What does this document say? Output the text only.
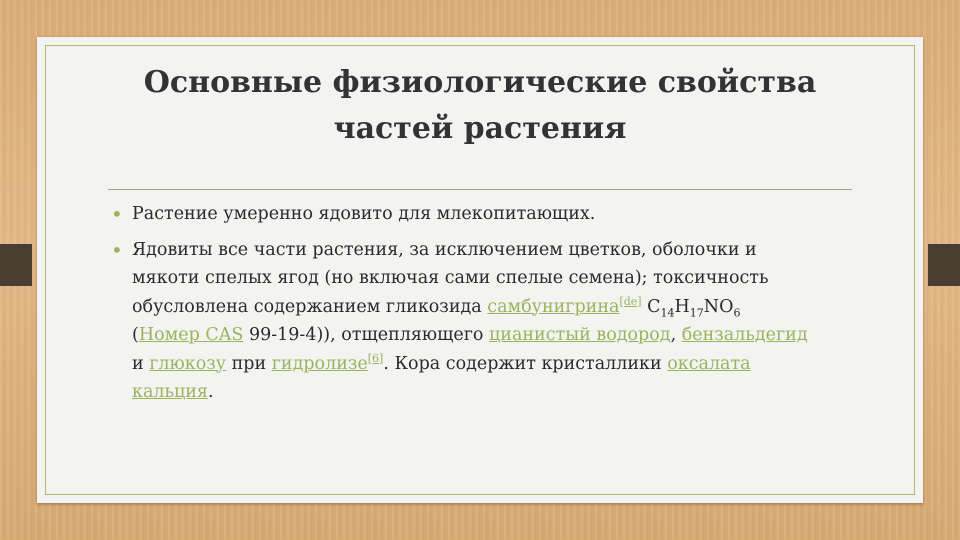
Основные физиологические свойства
частей растения
• Растение умеренно ядовито для млекопитающих.
• Ядовиты все части растения, за исключением цветков, оболочки и мякоти спелых ягод (но включая сами спелые семена); токсичность обусловлена содержанием гликозида самбунигрина[de] $C_{14}H_{17}NO_6$ (Номер CAS 99-19-4)), отщепляющего цианистый водород, бензальдегид и глюкозу при гидролизе[6]. Кора содержит кристаллики оксалата кальция.
